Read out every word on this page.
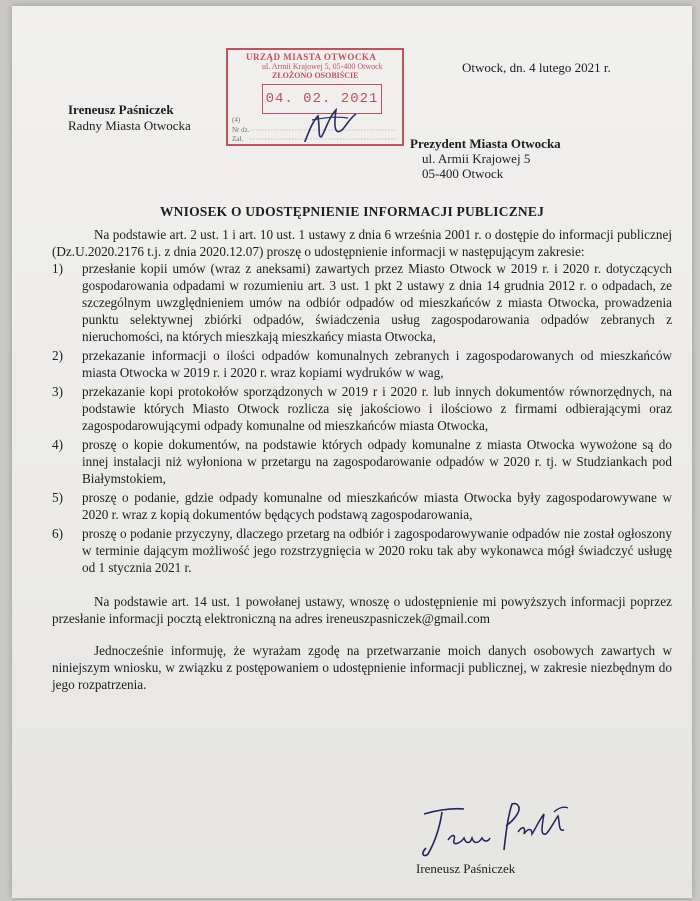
Ireneusz Paśniczek
Radny Miasta Otwocka
Otwock, dn. 4 lutego 2021 r.
URZĄD MIASTA OTWOCKA
ul. Armii Krajowej 5, 05-400 Otwock
ZŁOŻONO OSOBIŚCIE
04. 02. 2021
(4)
Nr dz.
Zał.	Prezydent Miasta Otwocka
ul. Armii Krajowej 5
05-400 Otwock
WNIOSEK O UDOSTĘPNIENIE INFORMACJI PUBLICZNEJ

Na podstawie art. 2 ust. 1 i art. 10 ust. 1 ustawy z dnia 6 września 2001 r. o dostępie do informacji publicznej (Dz.U.2020.2176 t.j. z dnia 2020.12.07) proszę o udostępnienie informacji w następującym zakresie:

1) przesłanie kopii umów (wraz z aneksami) zawartych przez Miasto Otwock w 2019 r. i 2020 r. dotyczących gospodarowania odpadami w rozumieniu art. 3 ust. 1 pkt 2 ustawy z dnia 14 grudnia 2012 r. o odpadach, ze szczególnym uwzględnieniem umów na odbiór odpadów od mieszkańców z miasta Otwocka, prowadzenia punktu selektywnej zbiórki odpadów, świadczenia usług zagospodarowania odpadów zebranych z nieruchomości, na których mieszkają mieszkańcy miasta Otwocka,
2) przekazanie informacji o ilości odpadów komunalnych zebranych i zagospodarowanych od mieszkańców miasta Otwocka w 2019 r. i 2020 r. wraz kopiami wydruków w wag,
3) przekazanie kopi protokołów sporządzonych w 2019 r i 2020 r. lub innych dokumentów równorzędnych, na podstawie których Miasto Otwock rozlicza się jakościowo i ilościowo z firmami odbierającymi oraz zagospodarowującymi odpady komunalne od mieszkańców miasta Otwocka,
4) proszę o kopie dokumentów, na podstawie których odpady komunalne z miasta Otwocka wywożone są do innej instalacji niż wyłoniona w przetargu na zagospodarowanie odpadów w 2020 r. tj. w Studziankach pod Białymstokiem,
5) proszę o podanie, gdzie odpady komunalne od mieszkańców miasta Otwocka były zagospodarowywane w 2020 r. wraz z kopią dokumentów będących podstawą zagospodarowania,
6) proszę o podanie przyczyny, dlaczego przetarg na odbiór i zagospodarowywanie odpadów nie został ogłoszony w terminie dającym możliwość jego rozstrzygnięcia w 2020 roku tak aby wykonawca mógł świadczyć usługę od 1 stycznia 2021 r.

Na podstawie art. 14 ust. 1 powołanej ustawy, wnoszę o udostępnienie mi powyższych informacji poprzez przesłanie informacji pocztą elektroniczną na adres ireneuszpasniczek@gmail.com

Jednocześnie informuję, że wyrażam zgodę na przetwarzanie moich danych osobowych zawartych w niniejszym wniosku, w związku z postępowaniem o udostępnienie informacji publicznej, w zakresie niezbędnym do jego rozpatrzenia.

Ireneusz Paśniczek
